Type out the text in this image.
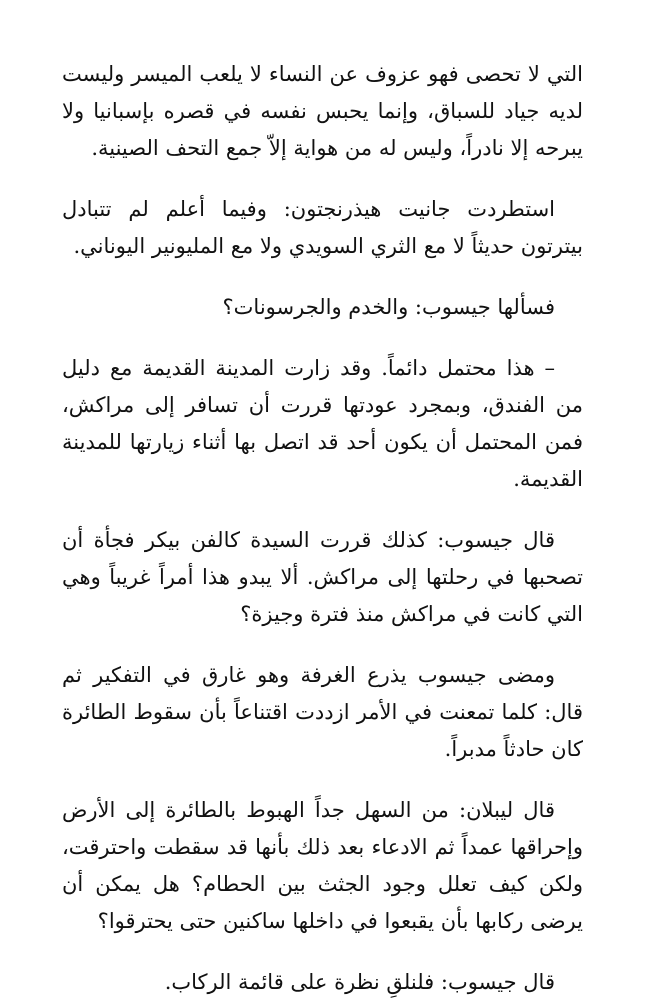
التي لا تحصى فهو عزوف عن النساء لا يلعب الميسر وليست لديه جياد للسباق، وإنما يحبس نفسه في قصره بإسبانيا ولا يبرحه إلا نادراً، وليس له من هواية إلاّ جمع التحف الصينية.

استطردت جانيت هيذرنجتون: وفيما أعلم لم تتبادل بيترتون حديثاً لا مع الثري السويدي ولا مع المليونير اليوناني.

فسألها جيسوب: والخدم والجرسونات؟

– هذا محتمل دائماً. وقد زارت المدينة القديمة مع دليل من الفندق، وبمجرد عودتها قررت أن تسافر إلى مراكش، فمن المحتمل أن يكون أحد قد اتصل بها أثناء زيارتها للمدينة القديمة.

قال جيسوب: كذلك قررت السيدة كالفن بيكر فجأة أن تصحبها في رحلتها إلى مراكش. ألا يبدو هذا أمراً غريباً وهي التي كانت في مراكش منذ فترة وجيزة؟

ومضى جيسوب يذرع الغرفة وهو غارق في التفكير ثم قال: كلما تمعنت في الأمر ازددت اقتناعاً بأن سقوط الطائرة كان حادثاً مدبراً.

قال ليبلان: من السهل جداً الهبوط بالطائرة إلى الأرض وإحراقها عمداً ثم الادعاء بعد ذلك بأنها قد سقطت واحترقت، ولكن كيف تعلل وجود الجثث بين الحطام؟ هل يمكن أن يرضى ركابها بأن يقبعوا في داخلها ساكنين حتى يحترقوا؟

قال جيسوب: فلنلقِ نظرة على قائمة الركاب.
